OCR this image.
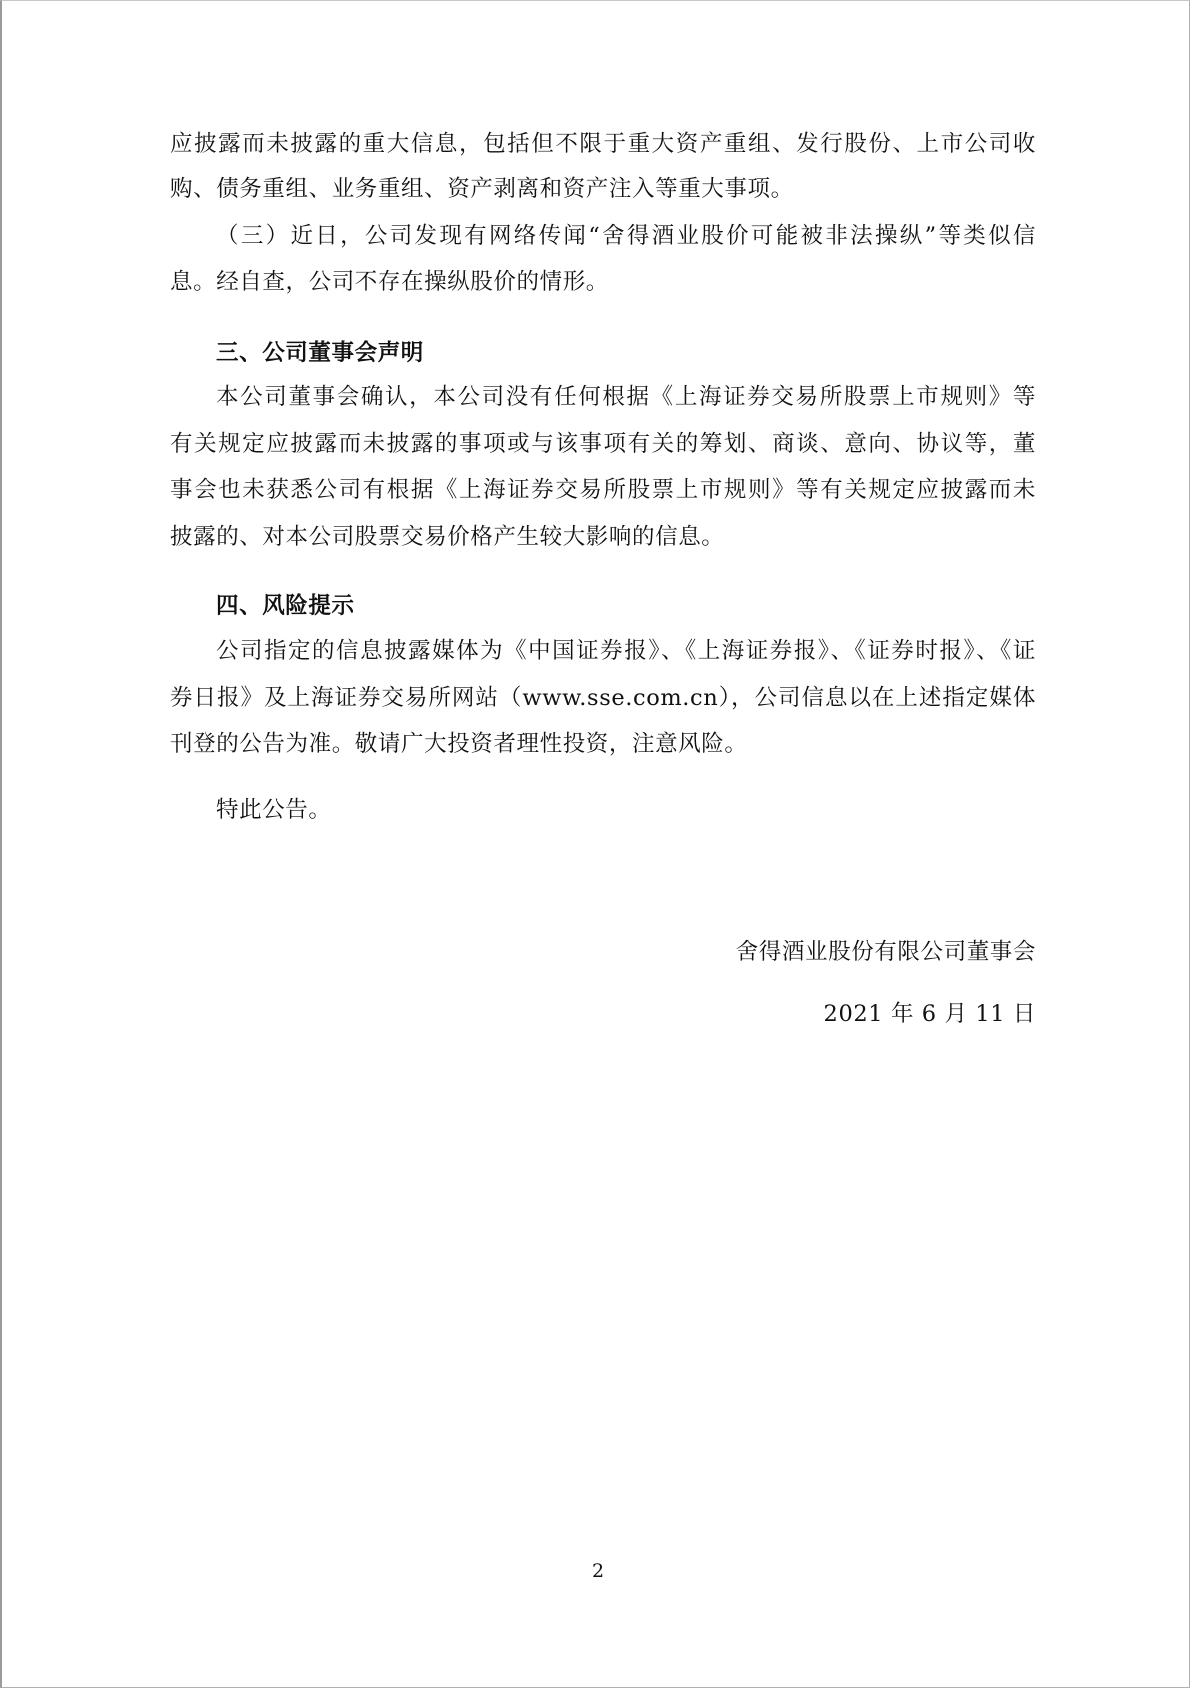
应披露而未披露的重大信息，包括但不限于重大资产重组、发行股份、上市公司收
购、债务重组、业务重组、资产剥离和资产注入等重大事项。
（三）近日，公司发现有网络传闻“舍得酒业股价可能被非法操纵”等类似信
息。经自查，公司不存在操纵股价的情形。
三、公司董事会声明
本公司董事会确认，本公司没有任何根据《上海证券交易所股票上市规则》等
有关规定应披露而未披露的事项或与该事项有关的筹划、商谈、意向、协议等，董
事会也未获悉公司有根据《上海证券交易所股票上市规则》等有关规定应披露而未
披露的、对本公司股票交易价格产生较大影响的信息。
四、风险提示
公司指定的信息披露媒体为《中国证券报》、《上海证券报》、《证券时报》、《证
券日报》及上海证券交易所网站（www.sse.com.cn），公司信息以在上述指定媒体
刊登的公告为准。敬请广大投资者理性投资，注意风险。
特此公告。
舍得酒业股份有限公司董事会
2021 年 6 月 11 日
2
